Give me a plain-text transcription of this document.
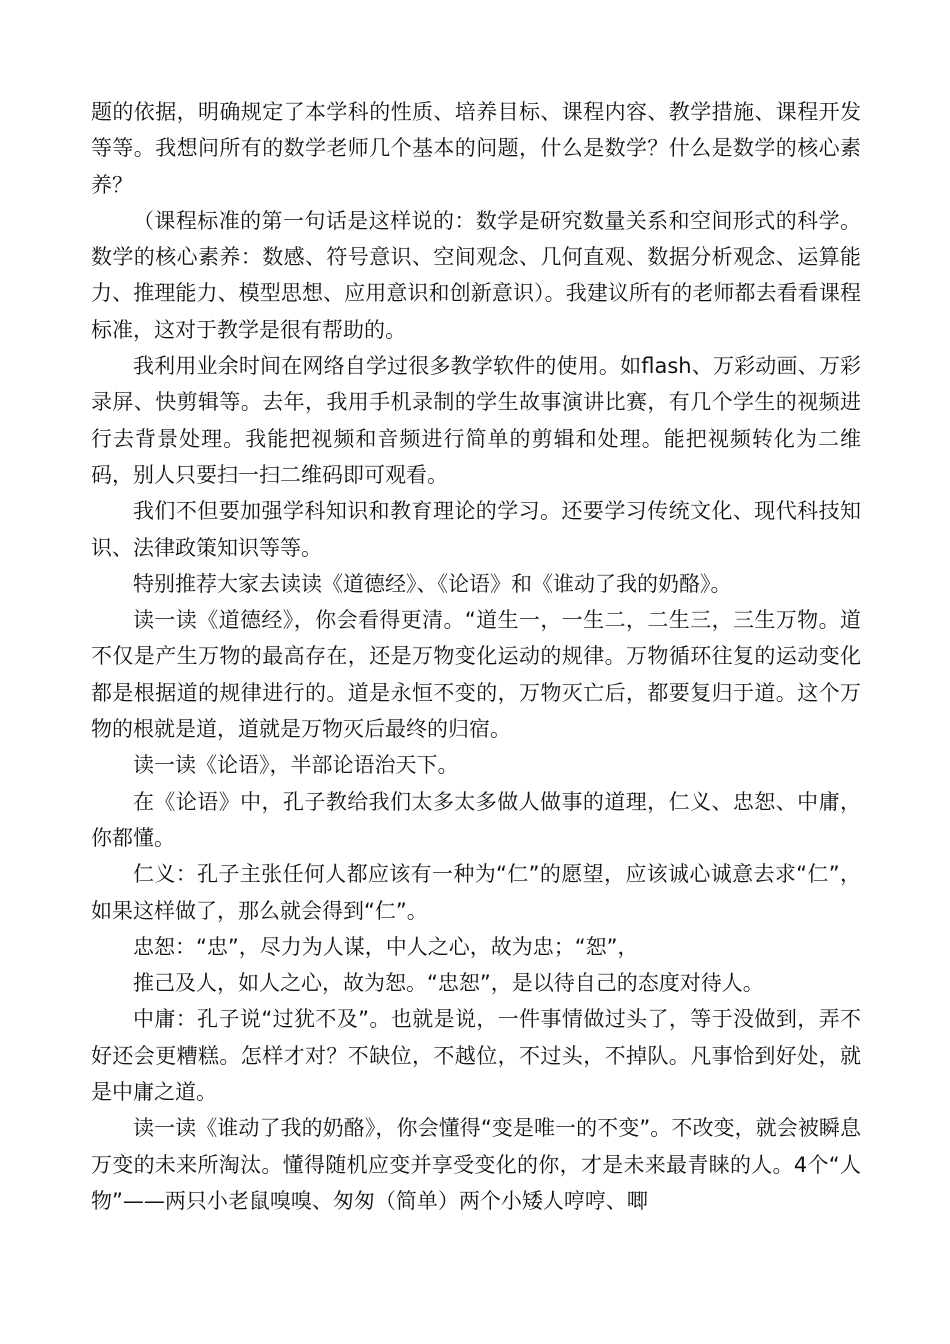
题的依据，明确规定了本学科的性质、培养目标、课程内容、教学措施、课程开发等等。我想问所有的数学老师几个基本的问题，什么是数学？什么是数学的核心素养？

（课程标准的第一句话是这样说的：数学是研究数量关系和空间形式的科学。数学的核心素养：数感、符号意识、空间观念、几何直观、数据分析观念、运算能力、推理能力、模型思想、应用意识和创新意识）。我建议所有的老师都去看看课程标准，这对于教学是很有帮助的。

我利用业余时间在网络自学过很多教学软件的使用。如flash、万彩动画、万彩录屏、快剪辑等。去年，我用手机录制的学生故事演讲比赛，有几个学生的视频进行去背景处理。我能把视频和音频进行简单的剪辑和处理。能把视频转化为二维码，别人只要扫一扫二维码即可观看。

我们不但要加强学科知识和教育理论的学习。还要学习传统文化、现代科技知识、法律政策知识等等。

特别推荐大家去读读《道德经》、《论语》和《谁动了我的奶酪》。

读一读《道德经》，你会看得更清。“道生一，一生二，二生三，三生万物。道不仅是产生万物的最高存在，还是万物变化运动的规律。万物循环往复的运动变化都是根据道的规律进行的。道是永恒不变的，万物灭亡后，都要复归于道。这个万物的根就是道，道就是万物灭后最终的归宿。

读一读《论语》，半部论语治天下。

在《论语》中，孔子教给我们太多太多做人做事的道理，仁义、忠恕、中庸，你都懂。

仁义：孔子主张任何人都应该有一种为“仁”的愿望，应该诚心诚意去求“仁”，如果这样做了，那么就会得到“仁”。

忠恕：“忠”，尽力为人谋，中人之心，故为忠；“恕”，

推己及人，如人之心，故为恕。“忠恕”，是以待自己的态度对待人。

中庸：孔子说“过犹不及”。也就是说，一件事情做过头了，等于没做到，弄不好还会更糟糕。怎样才对？不缺位，不越位，不过头，不掉队。凡事恰到好处，就是中庸之道。

读一读《谁动了我的奶酪》，你会懂得“变是唯一的不变”。不改变，就会被瞬息万变的未来所淘汰。懂得随机应变并享受变化的你，才是未来最青睐的人。4个“人物”——两只小老鼠嗅嗅、匆匆（简单）两个小矮人哼哼、唧
